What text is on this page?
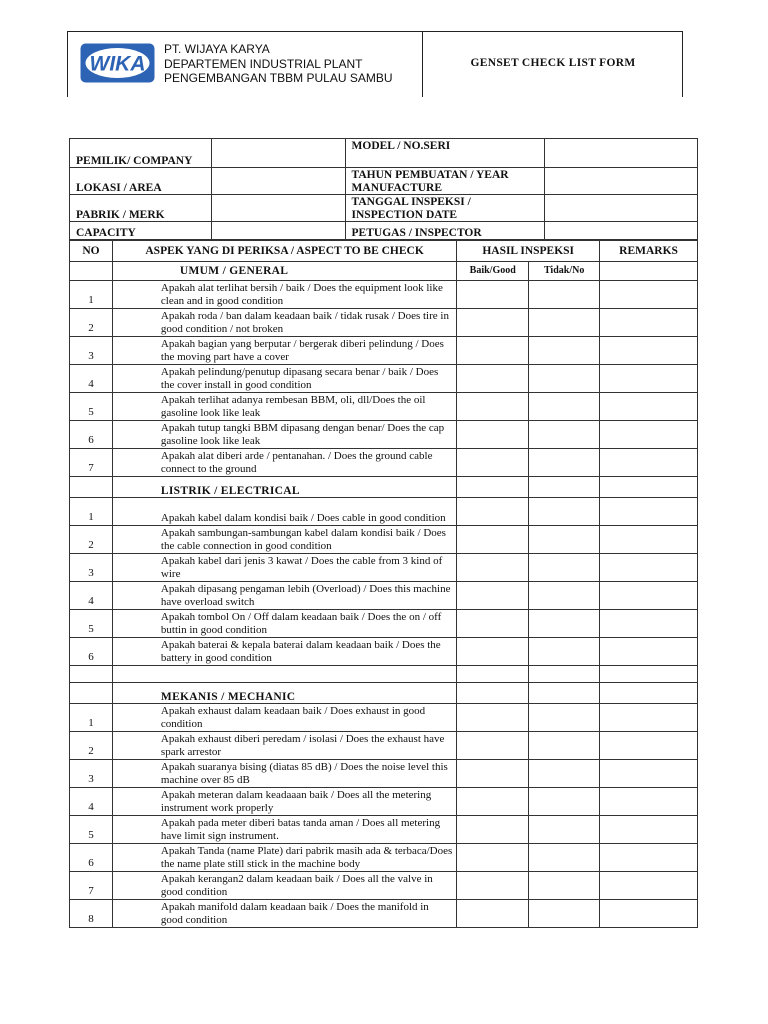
WIKA
PT. WIJAYA KARYA
DEPARTEMEN INDUSTRIAL PLANT
PENGEMBANGAN TBBM PULAU SAMBU
GENSET CHECK LIST FORM
PEMILIK/ COMPANY		MODEL / NO.SERI	
LOKASI / AREA		TAHUN PEMBUATAN / YEAR MANUFACTURE	
PABRIK / MERK		TANGGAL INSPEKSI / INSPECTION DATE	
CAPACITY		PETUGAS / INSPECTOR	
NO	ASPEK YANG DI PERIKSA / ASPECT TO BE CHECK	HASIL INSPEKSI		REMARKS
	UMUM / GENERAL	Baik/Good	Tidak/No	
1	Apakah alat terlihat bersih / baik / Does the equipment look like clean and in good condition			
2	Apakah roda / ban dalam keadaan baik / tidak rusak / Does tire in good condition / not broken			
3	Apakah bagian yang berputar / bergerak diberi pelindung / Does the moving part have a cover			
4	Apakah pelindung/penutup dipasang secara benar / baik / Does the cover install in good condition			
5	Apakah terlihat adanya rembesan BBM, oli, dll/Does the oil gasoline look like leak			
6	Apakah tutup tangki BBM dipasang dengan benar/ Does the cap gasoline look like leak			
7	Apakah alat diberi arde / pentanahan. / Does the ground cable connect to the ground			
	LISTRIK / ELECTRICAL			
1	Apakah kabel dalam kondisi baik / Does cable in good condition			
2	Apakah sambungan-sambungan kabel dalam kondisi baik / Does the cable connection in good condition			
3	Apakah kabel dari jenis 3 kawat / Does the cable from 3 kind of wire			
4	Apakah dipasang pengaman lebih (Overload) / Does this machine have overload switch			
5	Apakah tombol On / Off dalam keadaan baik / Does the on / off buttin in good condition			
6	Apakah baterai & kepala baterai dalam keadaan baik / Does the battery in good condition			

	MEKANIS / MECHANIC			
1	Apakah exhaust dalam keadaan baik / Does exhaust in good condition			
2	Apakah exhaust diberi peredam / isolasi / Does the exhaust have spark arrestor			
3	Apakah suaranya bising (diatas 85 dB) / Does the noise level this machine over 85 dB			
4	Apakah meteran dalam keadaaan baik / Does all the metering instrument work properly			
5	Apakah pada meter diberi batas tanda aman / Does all metering have limit sign instrument.			
6	Apakah Tanda (name Plate) dari pabrik masih ada & terbaca/Does the name plate still stick in the machine body			
7	Apakah kerangan2 dalam keadaan baik / Does all the valve in good condition			
8	Apakah manifold dalam keadaan baik / Does the manifold in good condition			
